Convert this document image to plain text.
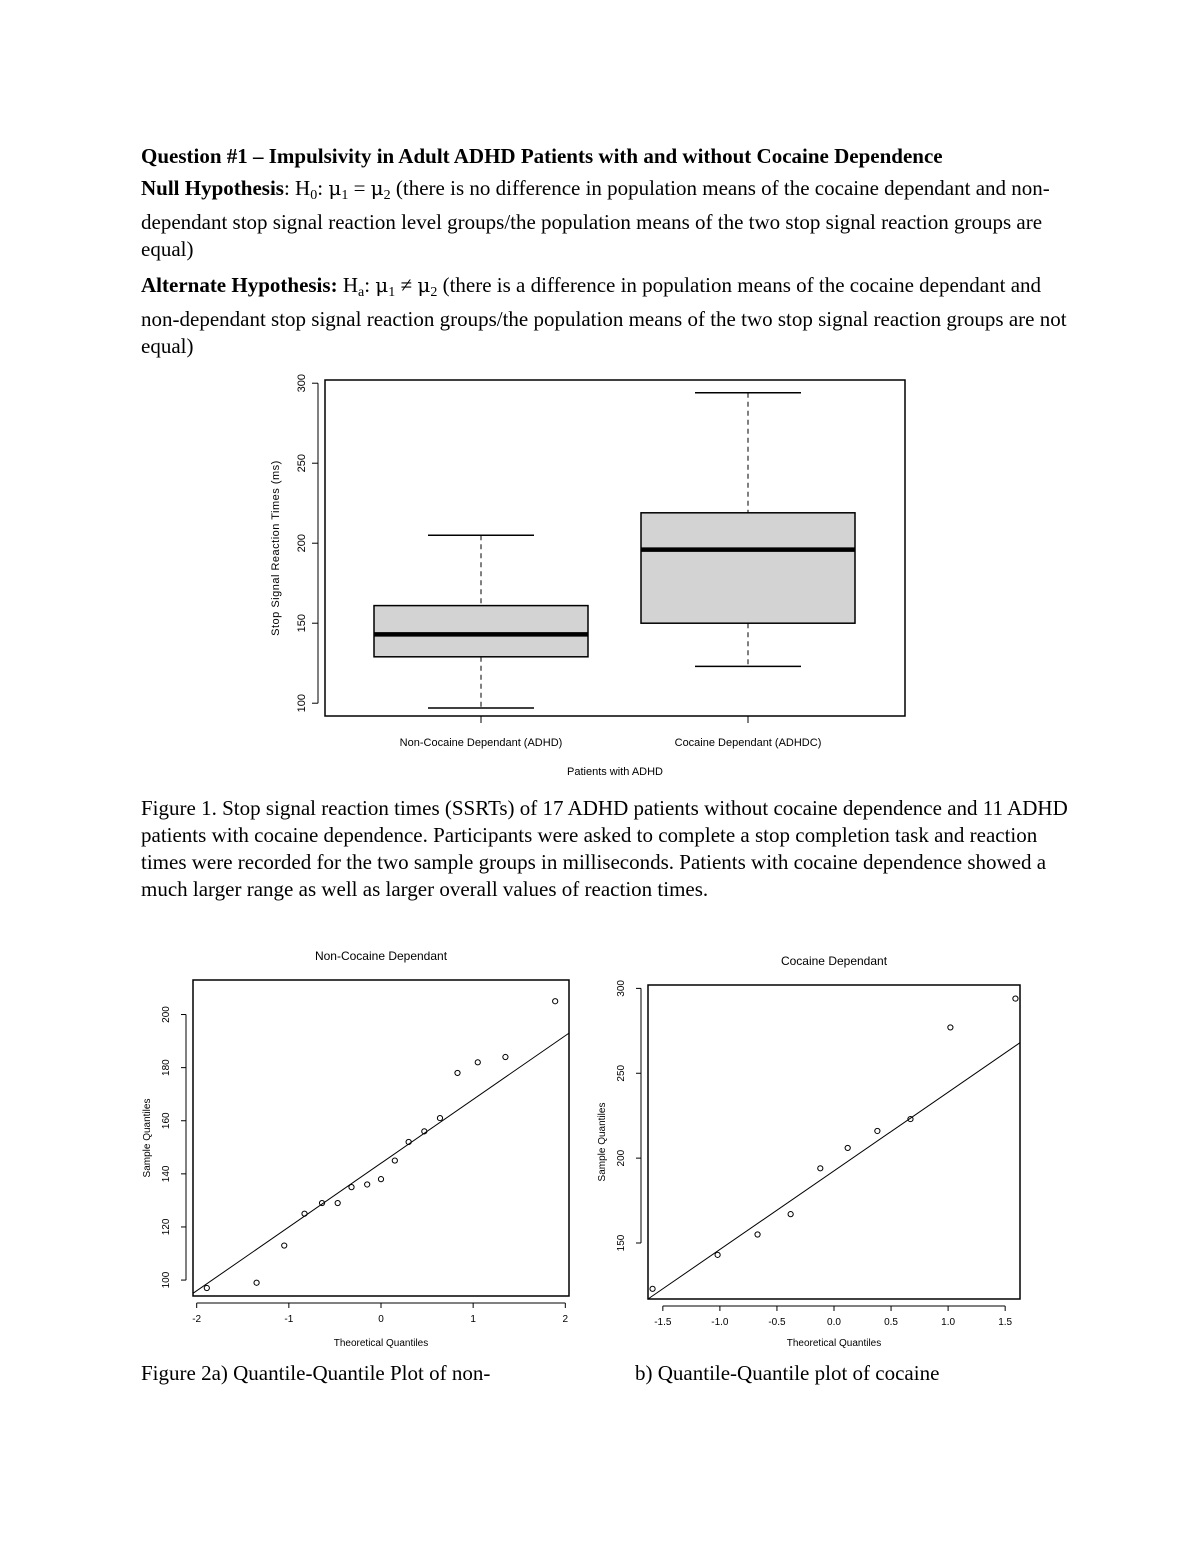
Question #1 – Impulsivity in Adult ADHD Patients with and without Cocaine Dependence

Null Hypothesis: $H_0$: $\mu_1 = \mu_2$ (there is no difference in population means of the cocaine dependant and non-dependant stop signal reaction level groups/the population means of the two stop signal reaction groups are equal)

Alternate Hypothesis: $H_a$: $\mu_1 \ne \mu_2$ (there is a difference in population means of the cocaine dependant and non-dependant stop signal reaction groups/the population means of the two stop signal reaction groups are not equal)

100
150
200
250
300
Stop Signal Reaction Times (ms)
Non-Cocaine Dependant (ADHD)	Cocaine Dependant (ADHDC)
Patients with ADHD

Figure 1. Stop signal reaction times (SSRTs) of 17 ADHD patients without cocaine dependence and 11 ADHD patients with cocaine dependence. Participants were asked to complete a stop completion task and reaction times were recorded for the two sample groups in milliseconds. Patients with cocaine dependence showed a much larger range as well as larger overall values of reaction times.

Non-Cocaine Dependant
100
120
140
160
180
200
Sample Quantiles
-2	-1	0	1	2
Theoretical Quantiles
Cocaine Dependant
150
200
250
300
Sample Quantiles
-1.5	-1.0	-0.5	0.0	0.5	1.0	1.5
Theoretical Quantiles

Figure 2a) Quantile-Quantile Plot of non-	b) Quantile-Quantile plot of cocaine
